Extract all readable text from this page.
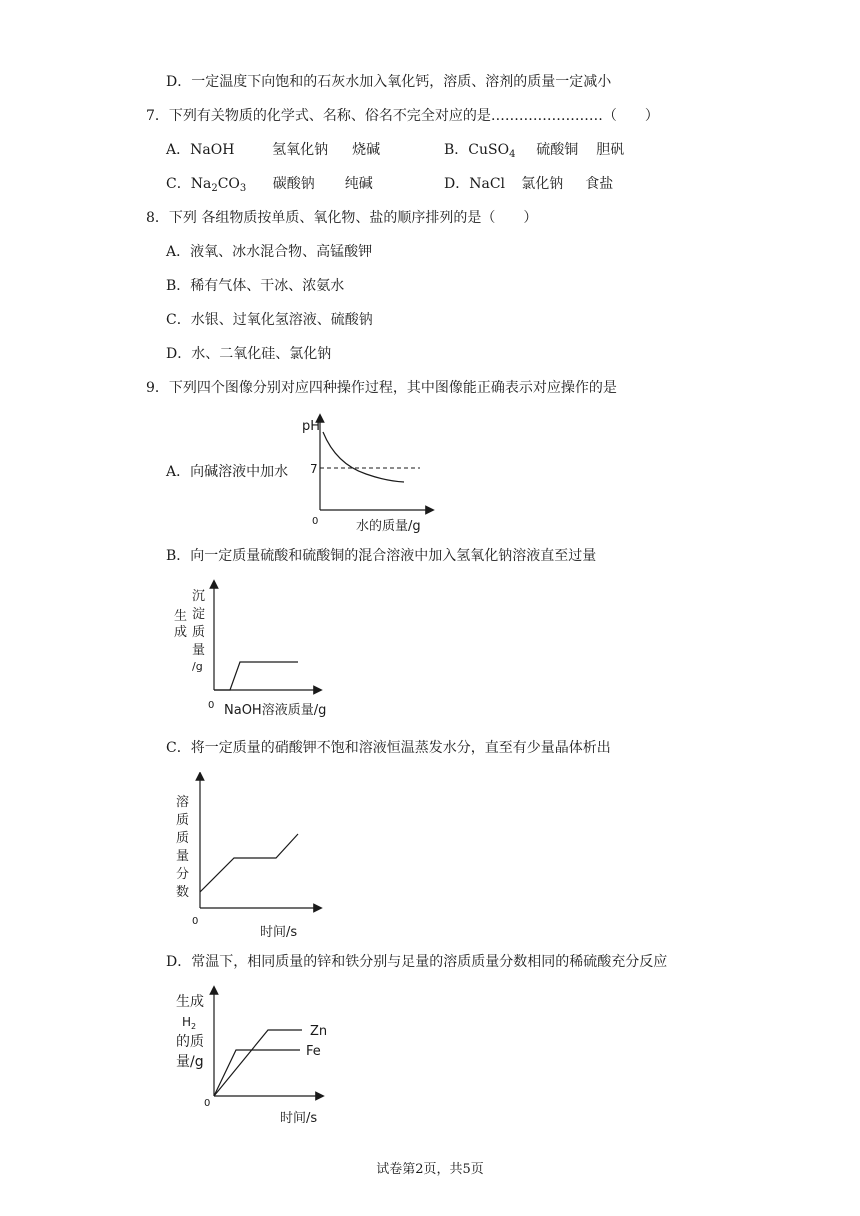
D．一定温度下向饱和的石灰水加入氧化钙，溶质、溶剂的质量一定减小
7．下列有关物质的化学式、名称、俗名不完全对应的是……………………（　　）
A．NaOH	氢氧化钠 烧碱	B．CuSO4 硫酸铜 胆矾
C．Na2CO3 碳酸钠 纯碱	D．NaCl 氯化钠 食盐
8．下列 各组物质按单质、氧化物、盐的顺序排列的是（　　）
A．液氧、冰水混合物、高锰酸钾
B．稀有气体、干冰、浓氨水
C．水银、过氧化氢溶液、硫酸钠
D．水、二氧化硅、氯化钠
9．下列四个图像分别对应四种操作过程，其中图像能正确表示对应操作的是
A．向碱溶液中加水
pH
7
0	水的质量/g
B．向一定质量硫酸和硫酸铜的混合溶液中加入氢氧化钠溶液直至过量
生
成
沉
淀
质
量
/g
0 NaOH溶液质量/g
C．将一定质量的硝酸钾不饱和溶液恒温蒸发水分，直至有少量晶体析出
溶
质
质
量
分
数
0
时间/s
D．常温下，相同质量的锌和铁分别与足量的溶质质量分数相同的稀硫酸充分反应
生成
$H_2$
的质
量/g
0
时间/s
Zn
Fe
试卷第2页，共5页
